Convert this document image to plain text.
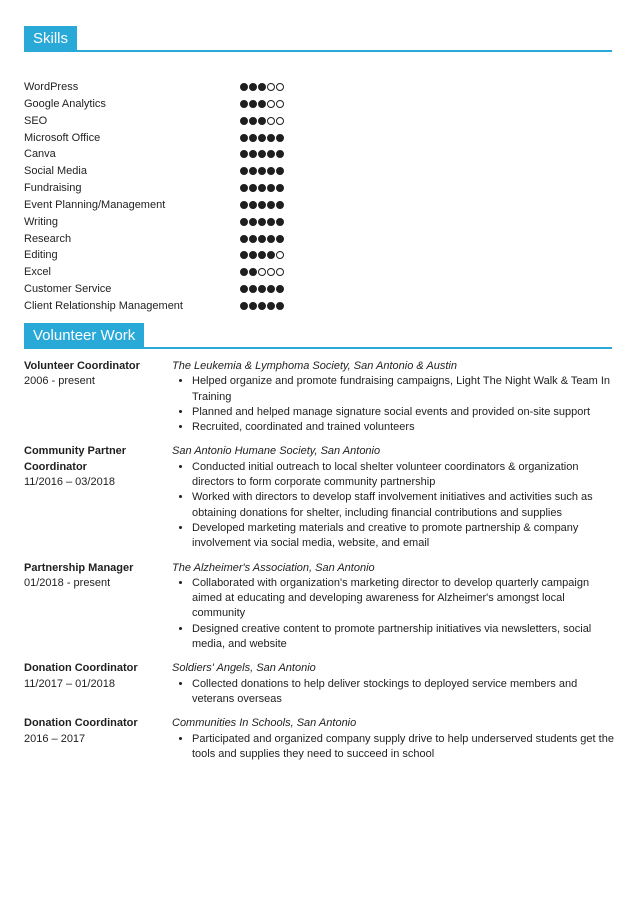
Skills
WordPress
Google Analytics
SEO
Microsoft Office
Canva
Social Media
Fundraising
Event Planning/Management
Writing
Research
Editing
Excel
Customer Service
Client Relationship Management
Volunteer Work
Volunteer Coordinator
2006 - present
The Leukemia & Lymphoma Society, San Antonio & Austin
• Helped organize and promote fundraising campaigns, Light The Night Walk & Team In Training
• Planned and helped manage signature social events and provided on-site support
• Recruited, coordinated and trained volunteers
Community Partner Coordinator
11/2016 – 03/2018
San Antonio Humane Society, San Antonio
• Conducted initial outreach to local shelter volunteer coordinators & organization directors to form corporate community partnership
• Worked with directors to develop staff involvement initiatives and activities such as obtaining donations for shelter, including financial contributions and supplies
• Developed marketing materials and creative to promote partnership & company involvement via social media, website, and email
Partnership Manager
01/2018 - present
The Alzheimer's Association, San Antonio
• Collaborated with organization's marketing director to develop quarterly campaign aimed at educating and developing awareness for Alzheimer's amongst local community
• Designed creative content to promote partnership initiatives via newsletters, social media, and website
Donation Coordinator
11/2017 – 01/2018
Soldiers' Angels, San Antonio
• Collected donations to help deliver stockings to deployed service members and veterans overseas
Donation Coordinator
2016 – 2017
Communities In Schools, San Antonio
• Participated and organized company supply drive to help underserved students get the tools and supplies they need to succeed in school
